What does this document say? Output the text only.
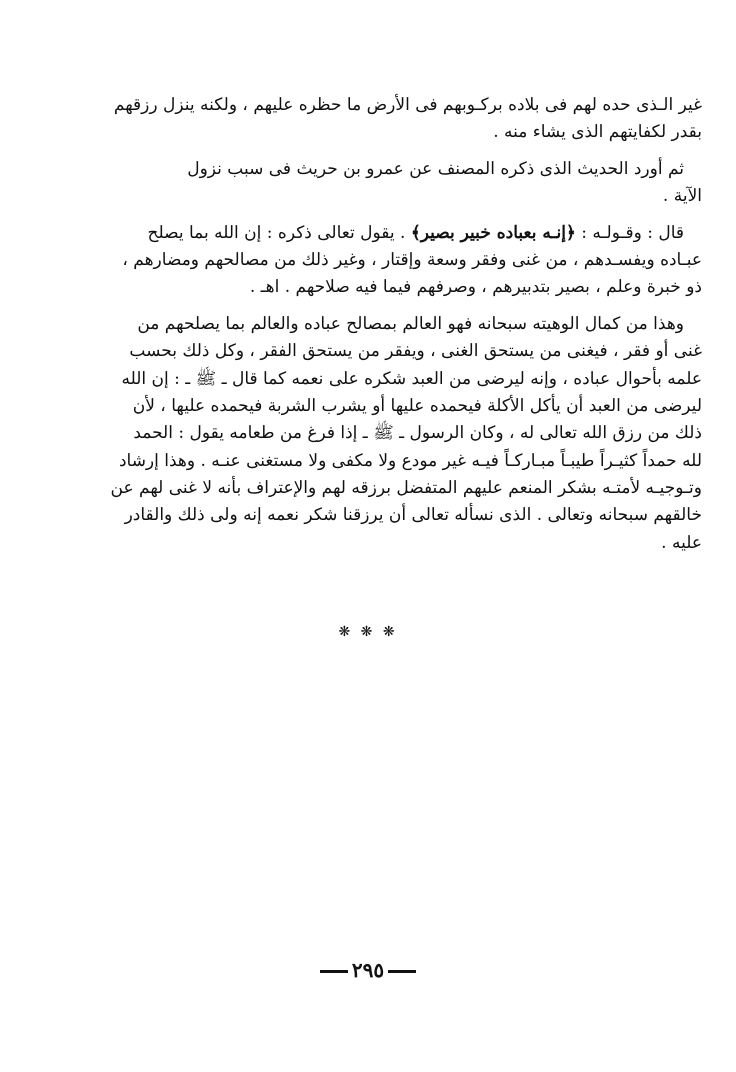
غير الـذى حده لهم فى بلاده بركـوبهم فى الأرض ما حظره عليهم ، ولكنه ينزل رزقهم
بقدر لكفايتهم الذى يشاء منه .
ثم أورد الحديث الذى ذكره المصنف عن عمرو بن حريث فى سبب نزول
الآية .
قال : وقـولـه : ﴿إنـه بعباده خبير بصير﴾ . يقول تعالى ذكره : إن الله بما يصلح
عبـاده ويفسـدهم ، من غنى وفقر وسعة وإقتار ، وغير ذلك من مصالحهم ومضارهم ،
ذو خبرة وعلم ، بصير بتدبيرهم ، وصرفهم فيما فيه صلاحهم . اهـ .
وهذا من كمال الوهيته سبحانه فهو العالم بمصالح عباده والعالم بما يصلحهم من
غنى أو فقر ، فيغنى من يستحق الغنى ، ويفقر من يستحق الفقر ، وكل ذلك بحسب
علمه بأحوال عباده ، وإنه ليرضى من العبد شكره على نعمه كما قال ـ ﷺ ـ : إن الله
ليرضى من العبد أن يأكل الأكلة فيحمده عليها أو يشرب الشربة فيحمده عليها ، لأن
ذلك من رزق الله تعالى له ، وكان الرسول ـ ﷺ ـ إذا فرغ من طعامه يقول : الحمد
لله حمداً كثيـراً طيبـاً مبـاركـاً فيـه غير مودع ولا مكفى ولا مستغنى عنـه . وهذا إرشاد
وتـوجيـه لأمتـه بشكر المنعم عليهم المتفضل برزقه لهم والإعتراف بأنه لا غنى لهم عن
خالقهم سبحانه وتعالى . الذى نسأله تعالى أن يرزقنا شكر نعمه إنه ولى ذلك والقادر
عليه .
❋ ❋ ❋
٢٩٥
